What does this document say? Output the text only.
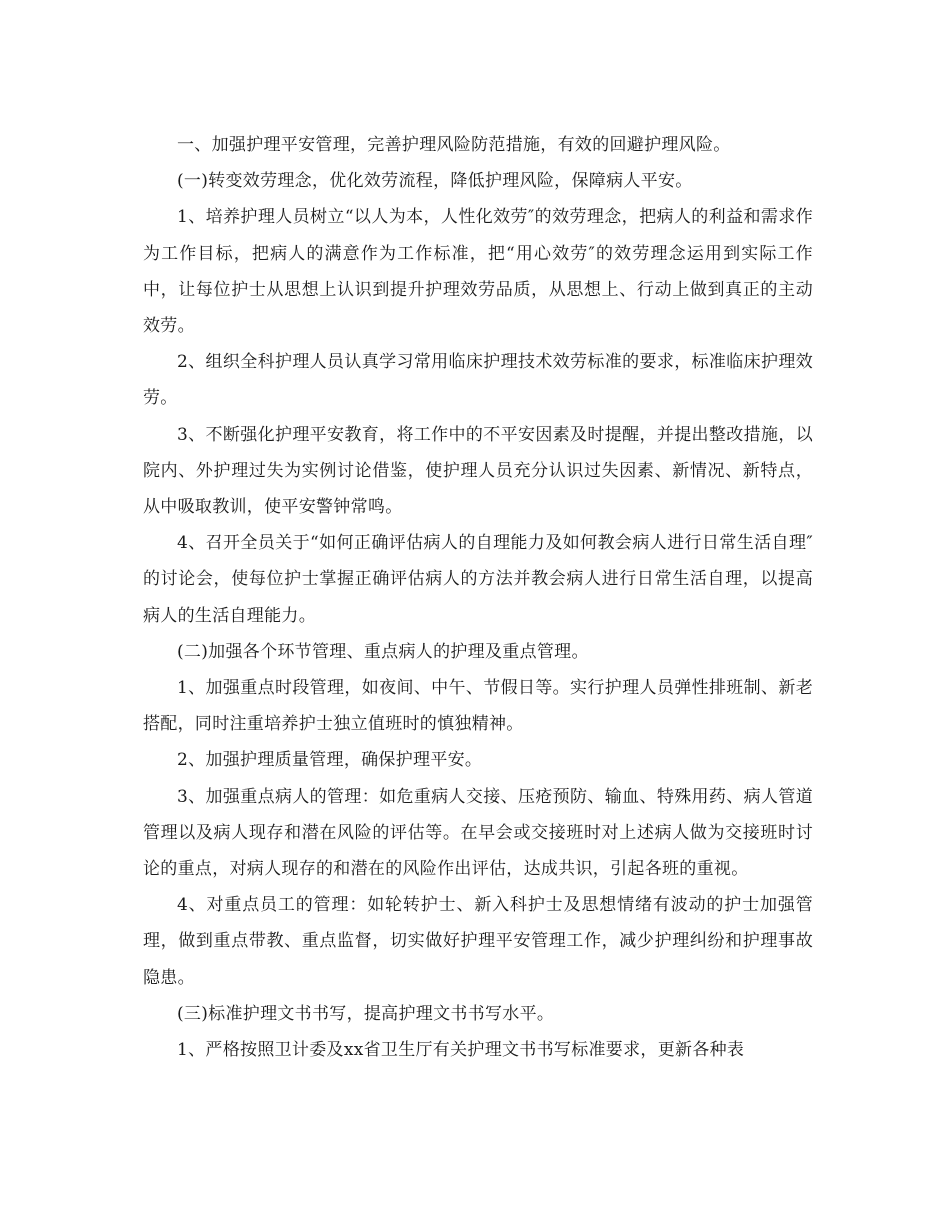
一、加强护理平安管理，完善护理风险防范措施，有效的回避护理风险。

(一)转变效劳理念，优化效劳流程，降低护理风险，保障病人平安。

1、培养护理人员树立“以人为本，人性化效劳″的效劳理念，把病人的利益和需求作为工作目标，把病人的满意作为工作标准，把“用心效劳″的效劳理念运用到实际工作中，让每位护士从思想上认识到提升护理效劳品质，从思想上、行动上做到真正的主动效劳。

2、组织全科护理人员认真学习常用临床护理技术效劳标准的要求，标准临床护理效劳。

3、不断强化护理平安教育，将工作中的不平安因素及时提醒，并提出整改措施，以院内、外护理过失为实例讨论借鉴，使护理人员充分认识过失因素、新情况、新特点，从中吸取教训，使平安警钟常鸣。

4、召开全员关于“如何正确评估病人的自理能力及如何教会病人进行日常生活自理″的讨论会，使每位护士掌握正确评估病人的方法并教会病人进行日常生活自理，以提高病人的生活自理能力。

(二)加强各个环节管理、重点病人的护理及重点管理。

1、加强重点时段管理，如夜间、中午、节假日等。实行护理人员弹性排班制、新老搭配，同时注重培养护士独立值班时的慎独精神。

2、加强护理质量管理，确保护理平安。

3、加强重点病人的管理：如危重病人交接、压疮预防、输血、特殊用药、病人管道管理以及病人现存和潜在风险的评估等。在早会或交接班时对上述病人做为交接班时讨论的重点，对病人现存的和潜在的风险作出评估，达成共识，引起各班的重视。

4、对重点员工的管理：如轮转护士、新入科护士及思想情绪有波动的护士加强管理，做到重点带教、重点监督，切实做好护理平安管理工作，减少护理纠纷和护理事故隐患。

(三)标准护理文书书写，提高护理文书书写水平。

1、严格按照卫计委及xx省卫生厅有关护理文书书写标准要求，更新各种表
